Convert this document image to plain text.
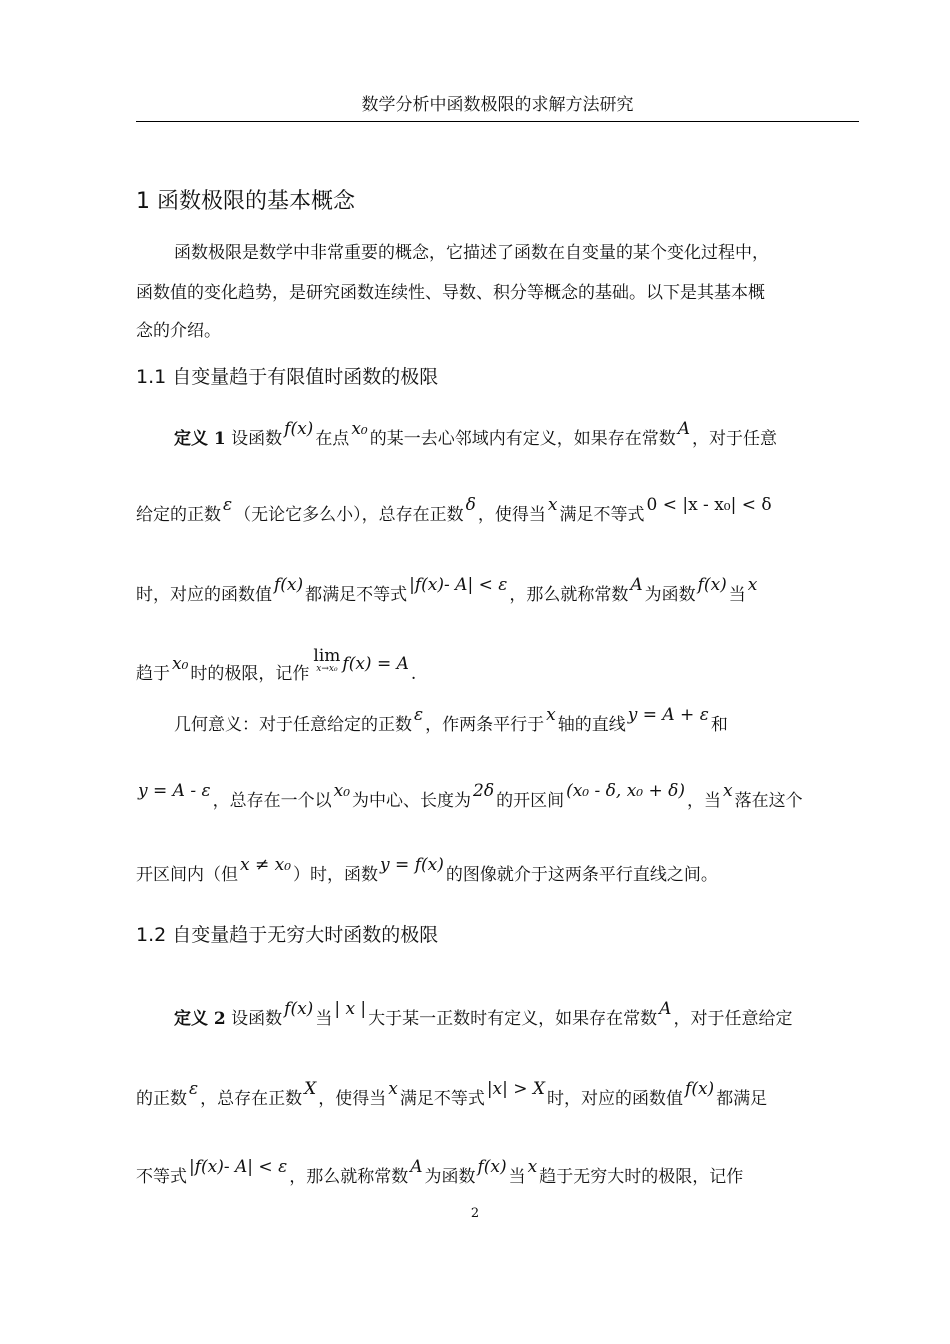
数学分析中函数极限的求解方法研究
1 函数极限的基本概念
函数极限是数学中非常重要的概念，它描述了函数在自变量的某个变化过程中，
函数值的变化趋势，是研究函数连续性、导数、积分等概念的基础。以下是其基本概
念的介绍。
1.1 自变量趋于有限值时函数的极限
定义 1 设函数 f(x) 在点 x₀ 的某一去心邻域内有定义，如果存在常数 A ，对于任意
给定的正数 ε （无论它多么小），总存在正数 δ ，使得当 x 满足不等式 0 < |x - x₀| < δ
时，对应的函数值 f(x) 都满足不等式 |f(x)- A| < ε ，那么就称常数 A 为函数 f(x) 当 x
趋于 x₀ 时的极限，记作lim
x→x₀ f(x) = A .
几何意义：对于任意给定的正数 ε ，作两条平行于 x 轴的直线 y = A + ε 和
y = A - ε ，总存在一个以 x₀ 为中心、长度为 2δ 的开区间 (x₀ - δ, x₀ + δ) ，当 x 落在这个
开区间内（但 x ≠ x₀ ）时，函数 y = f(x) 的图像就介于这两条平行直线之间。
1.2 自变量趋于无穷大时函数的极限
定义 2 设函数 f(x) 当 | x | 大于某一正数时有定义，如果存在常数 A ，对于任意给定
的正数 ε ，总存在正数 X ，使得当 x 满足不等式 |x| > X 时，对应的函数值 f(x) 都满足
不等式 |f(x)- A| < ε ，那么就称常数 A 为函数 f(x) 当 x 趋于无穷大时的极限，记作
2
